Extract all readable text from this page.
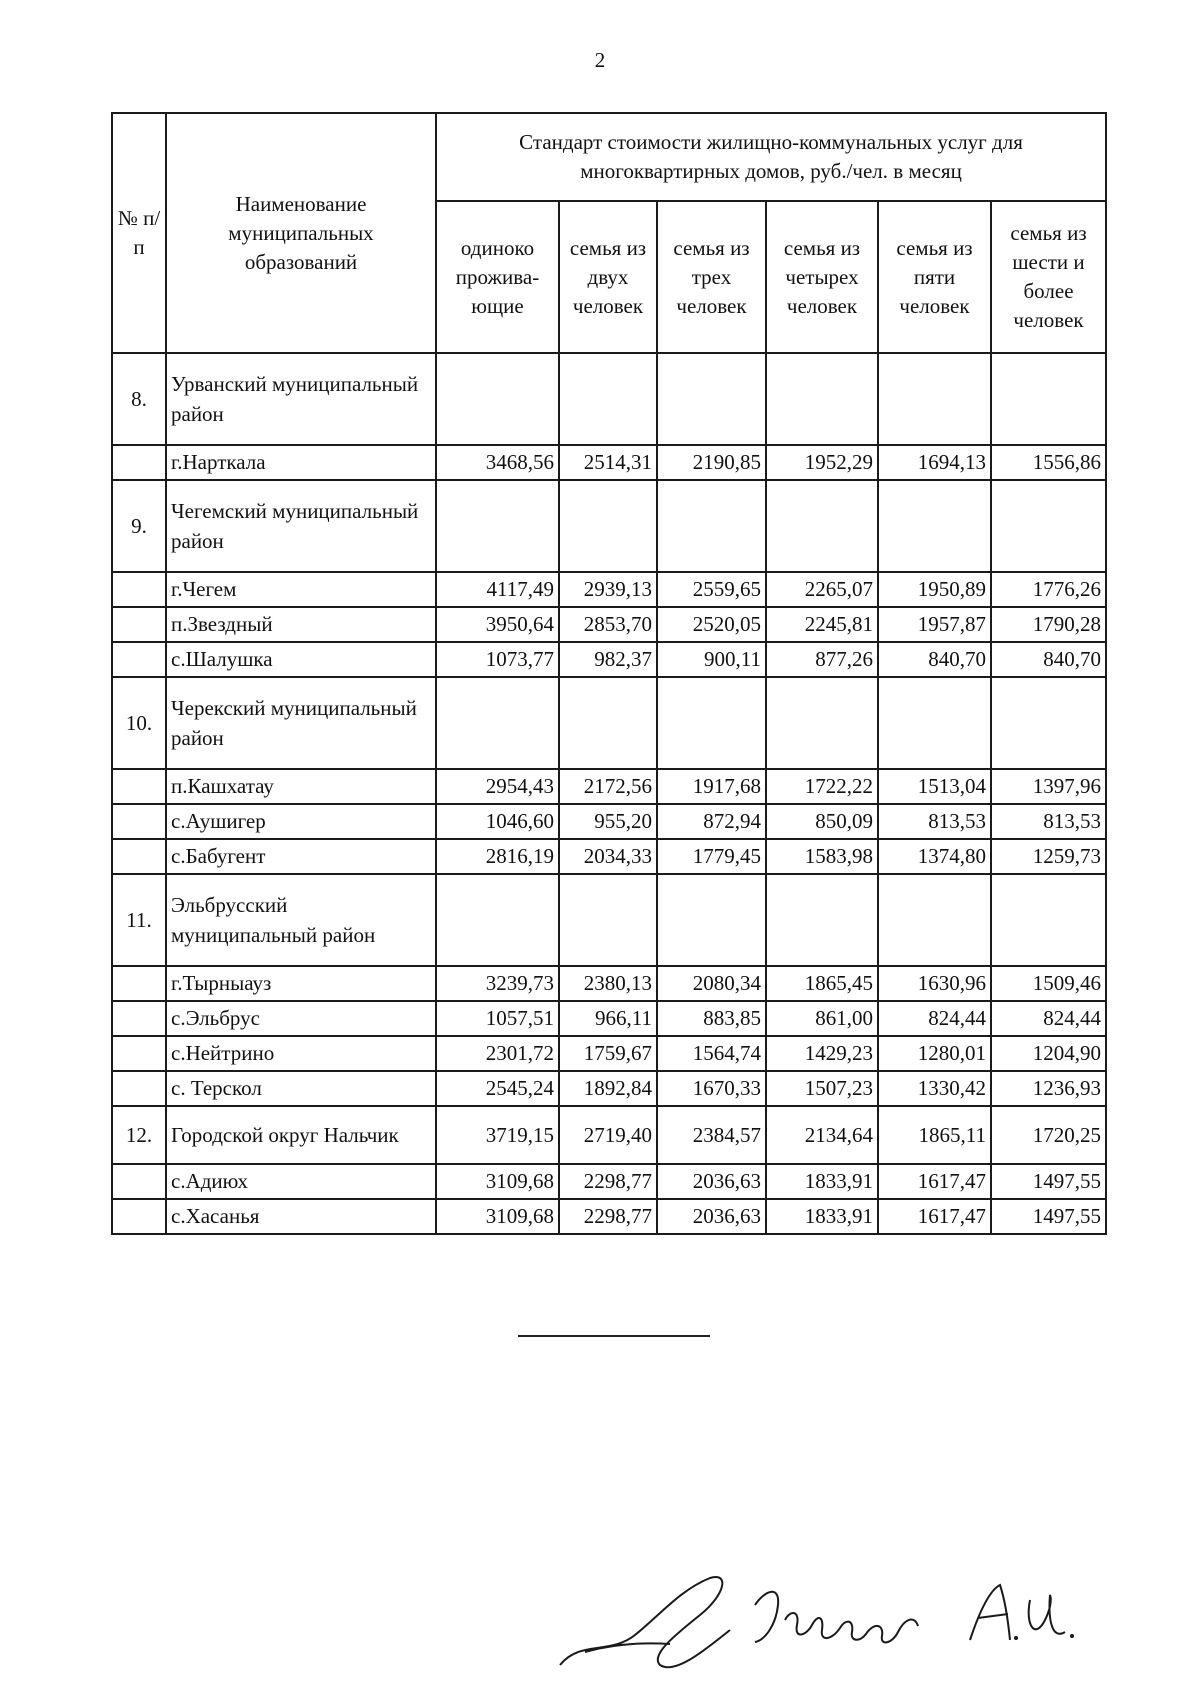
2
№ п/п	Наименование муниципальных образований	Стандарт стоимости жилищно-коммунальных услуг для многоквартирных домов, руб./чел. в месяц					
		одиноко прожива-ющие	семья из двух человек	семья из трех человек	семья из четырех человек	семья из пяти человек	семья из шести и более человек
8.	Урванский муниципальный район						
	г.Нарткала	3468,56	2514,31	2190,85	1952,29	1694,13	1556,86
9.	Чегемский муниципальный район						
	г.Чегем	4117,49	2939,13	2559,65	2265,07	1950,89	1776,26
	п.Звездный	3950,64	2853,70	2520,05	2245,81	1957,87	1790,28
	с.Шалушка	1073,77	982,37	900,11	877,26	840,70	840,70
10.	Черекский муниципальный район						
	п.Кашхатау	2954,43	2172,56	1917,68	1722,22	1513,04	1397,96
	с.Аушигер	1046,60	955,20	872,94	850,09	813,53	813,53
	с.Бабугент	2816,19	2034,33	1779,45	1583,98	1374,80	1259,73
11.	Эльбрусский муниципальный район						
	г.Тырныауз	3239,73	2380,13	2080,34	1865,45	1630,96	1509,46
	с.Эльбрус	1057,51	966,11	883,85	861,00	824,44	824,44
	с.Нейтрино	2301,72	1759,67	1564,74	1429,23	1280,01	1204,90
	с. Терскол	2545,24	1892,84	1670,33	1507,23	1330,42	1236,93
12.	Городской округ Нальчик	3719,15	2719,40	2384,57	2134,64	1865,11	1720,25
	с.Адиюх	3109,68	2298,77	2036,63	1833,91	1617,47	1497,55
	с.Хасанья	3109,68	2298,77	2036,63	1833,91	1617,47	1497,55
